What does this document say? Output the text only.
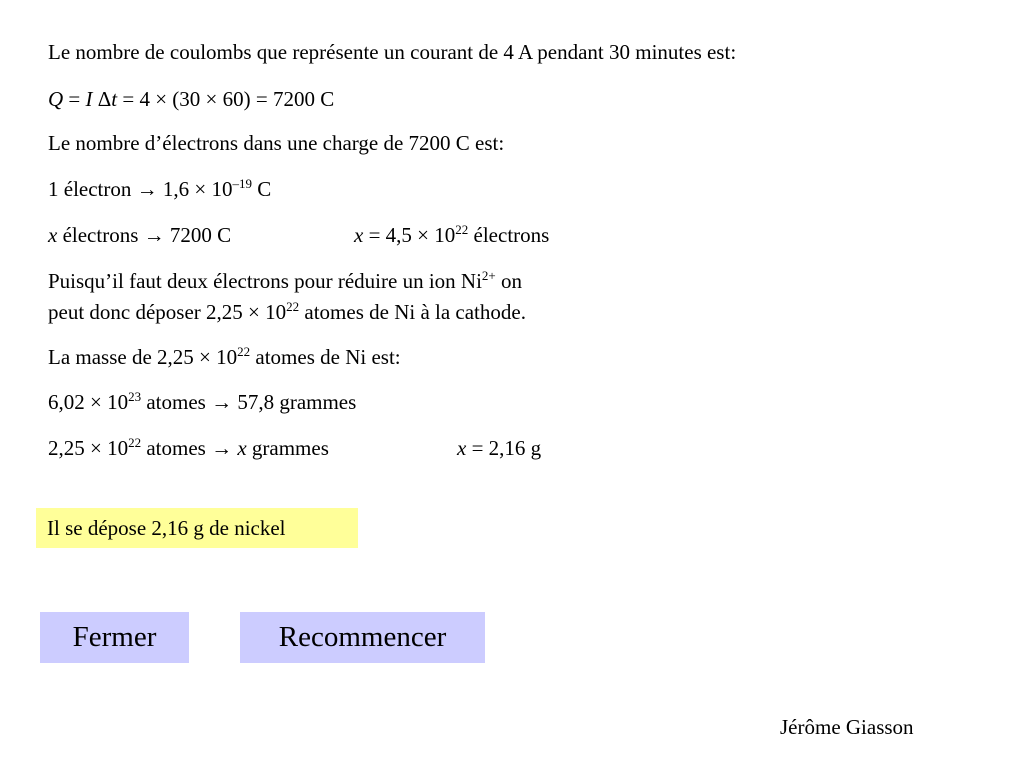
Le nombre de coulombs que représente un courant de 4 A pendant 30 minutes est:
Q = I Δt = 4 × (30 × 60) = 7200 C
Le nombre d’électrons dans une charge de 7200 C est:
1 électron → $1,6 \times 10^{-19}$ C
x électrons → 7200 C	$x = 4,5 \times 10^{22}$ électrons
Puisqu’il faut deux électrons pour réduire un ion $Ni^{2+}$ on
peut donc déposer $2,25 \times 10^{22}$ atomes de Ni à la cathode.
La masse de $2,25 \times 10^{22}$ atomes de Ni est:
$6,02 \times 10^{23}$ atomes → 57,8 grammes
$2,25 \times 10^{22}$ atomes → x grammes	x = 2,16 g
Il se dépose 2,16 g de nickel
Fermer	Recommencer
Jérôme Giasson
